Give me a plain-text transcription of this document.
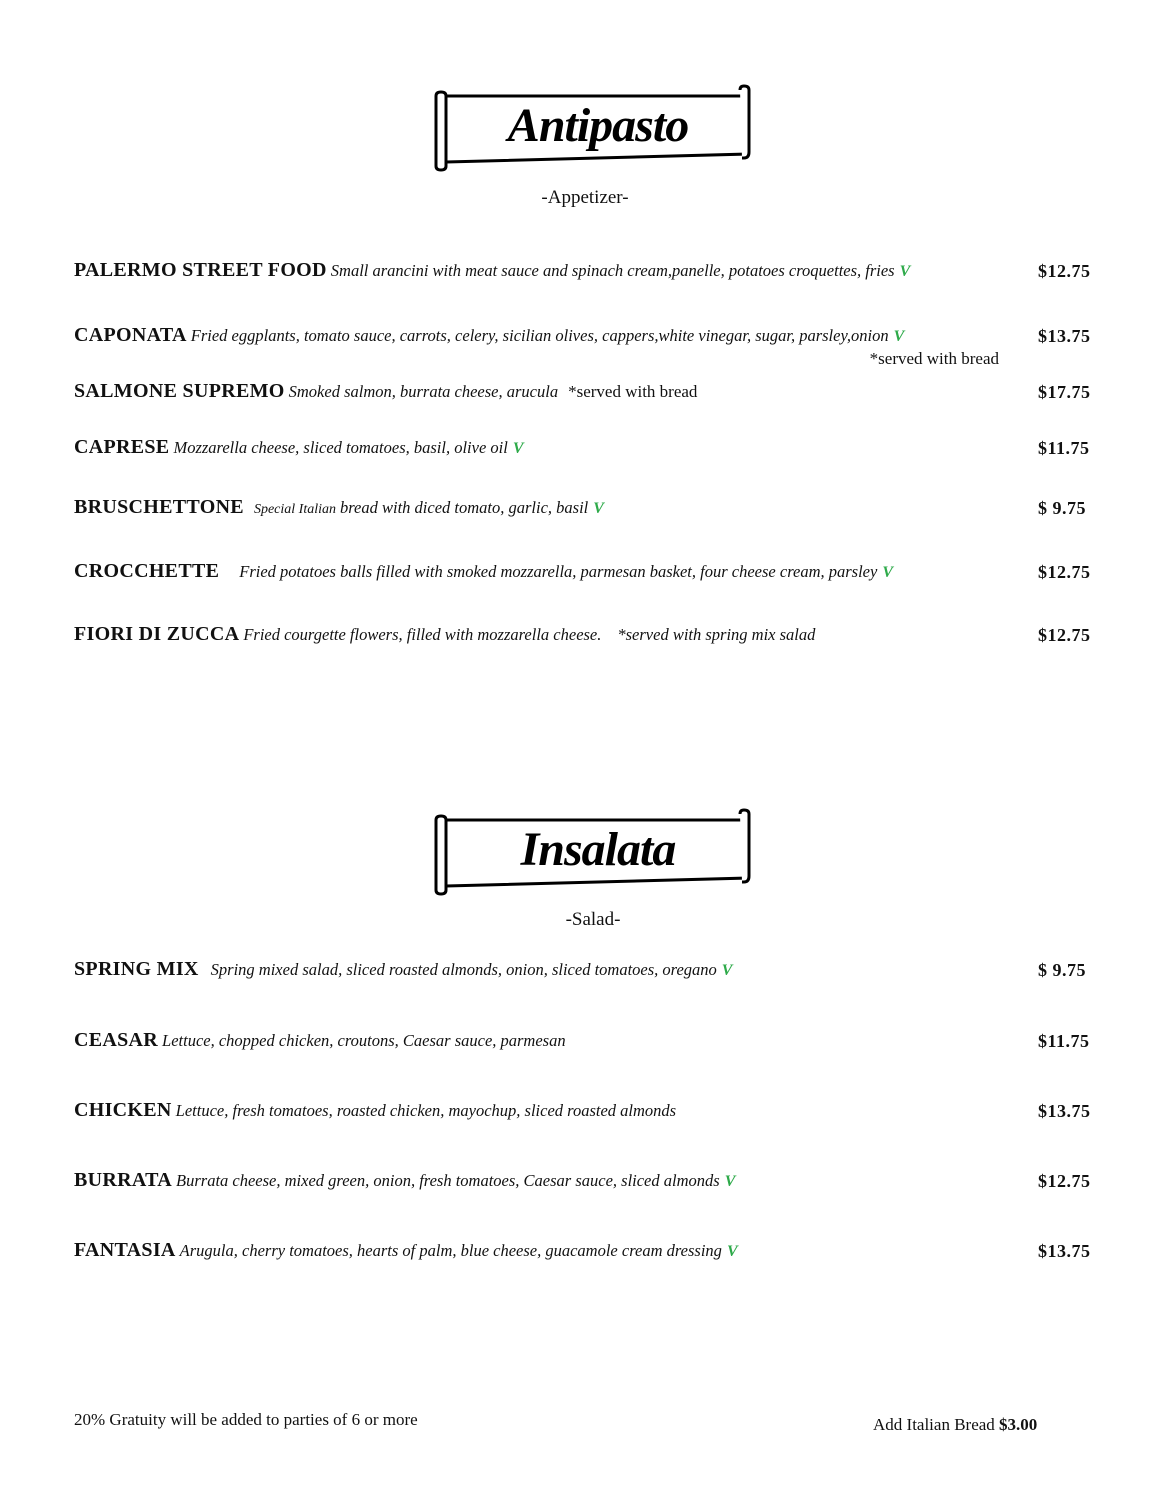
Antipasto
-Appetizer-
PALERMO STREET FOOD Small arancini with meat sauce and spinach cream,panelle, potatoes croquettes, fries V	$12.75
CAPONATA Fried eggplants, tomato sauce, carrots, celery, sicilian olives, cappers,white vinegar, sugar, parsley,onion V	$13.75
*served with bread
SALMONE SUPREMO Smoked salmon, burrata cheese, arucula *served with bread	$17.75
CAPRESE Mozzarella cheese, sliced tomatoes, basil, olive oil V	$11.75
BRUSCHETTONE Special Italian bread with diced tomato, garlic, basil V	$ 9.75
CROCCHETTE Fried potatoes balls filled with smoked mozzarella, parmesan basket, four cheese cream, parsley V	$12.75
FIORI DI ZUCCA Fried courgette flowers, filled with mozzarella cheese. *served with spring mix salad	$12.75
Insalata
-Salad-
SPRING MIX Spring mixed salad, sliced roasted almonds, onion, sliced tomatoes, oregano V	$ 9.75
CEASAR Lettuce, chopped chicken, croutons, Caesar sauce, parmesan	$11.75
CHICKEN Lettuce, fresh tomatoes, roasted chicken, mayochup, sliced roasted almonds	$13.75
BURRATA Burrata cheese, mixed green, onion, fresh tomatoes, Caesar sauce, sliced almonds V	$12.75
FANTASIA Arugula, cherry tomatoes, hearts of palm, blue cheese, guacamole cream dressing V	$13.75
20% Gratuity will be added to parties of 6 or more	Add Italian Bread $3.00
